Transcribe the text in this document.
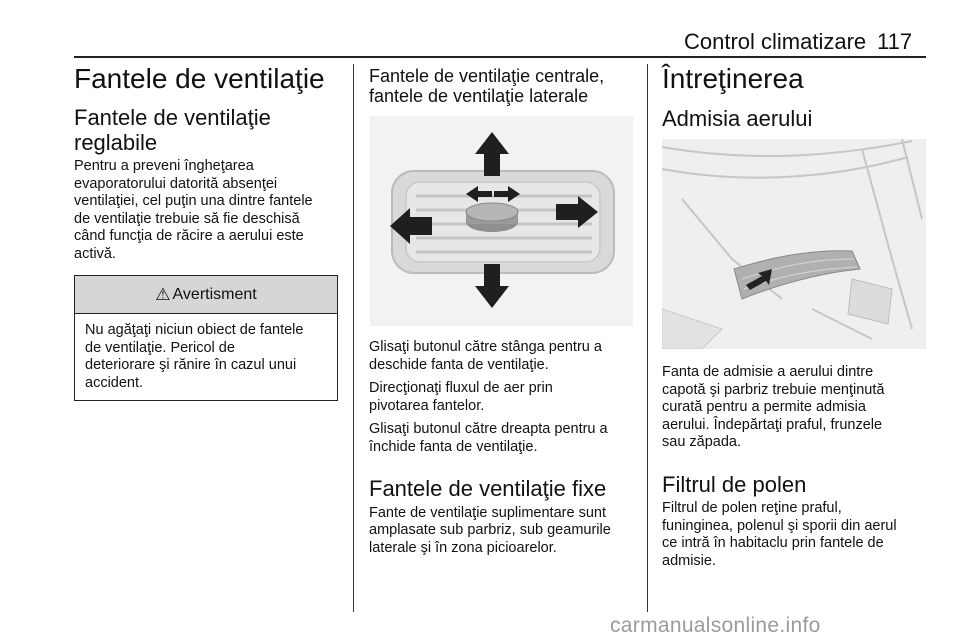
Control climatizare 117
Fantele de ventilaţie
Fantele de ventilaţie
reglabile

Pentru a preveni îngheţarea
evaporatorului datorită absenţei
ventilaţiei, cel puţin una dintre fantele
de ventilaţie trebuie să fie deschisă
când funcţia de răcire a aerului este
activă.

⚠ Avertisment
Nu agăţaţi niciun obiect de fantele
de ventilaţie. Pericol de
deteriorare şi rănire în cazul unui
accident.
Fantele de ventilaţie centrale,
fantele de ventilaţie laterale

Glisaţi butonul către stânga pentru a
deschide fanta de ventilaţie.

Direcţionaţi fluxul de aer prin
pivotarea fantelor.

Glisaţi butonul către dreapta pentru a
închide fanta de ventilaţie.

Fantele de ventilaţie fixe

Fante de ventilaţie suplimentare sunt
amplasate sub parbriz, sub geamurile
laterale şi în zona picioarelor.

Întreţinerea
Admisia aerului

Fanta de admisie a aerului dintre
capotă şi parbriz trebuie menţinută
curată pentru a permite admisia
aerului. Îndepărtaţi praful, frunzele
sau zăpada.

Filtrul de polen

Filtrul de polen reţine praful,
funinginea, polenul şi sporii din aerul
ce intră în habitaclu prin fantele de
admisie.

carmanualsonline.info
